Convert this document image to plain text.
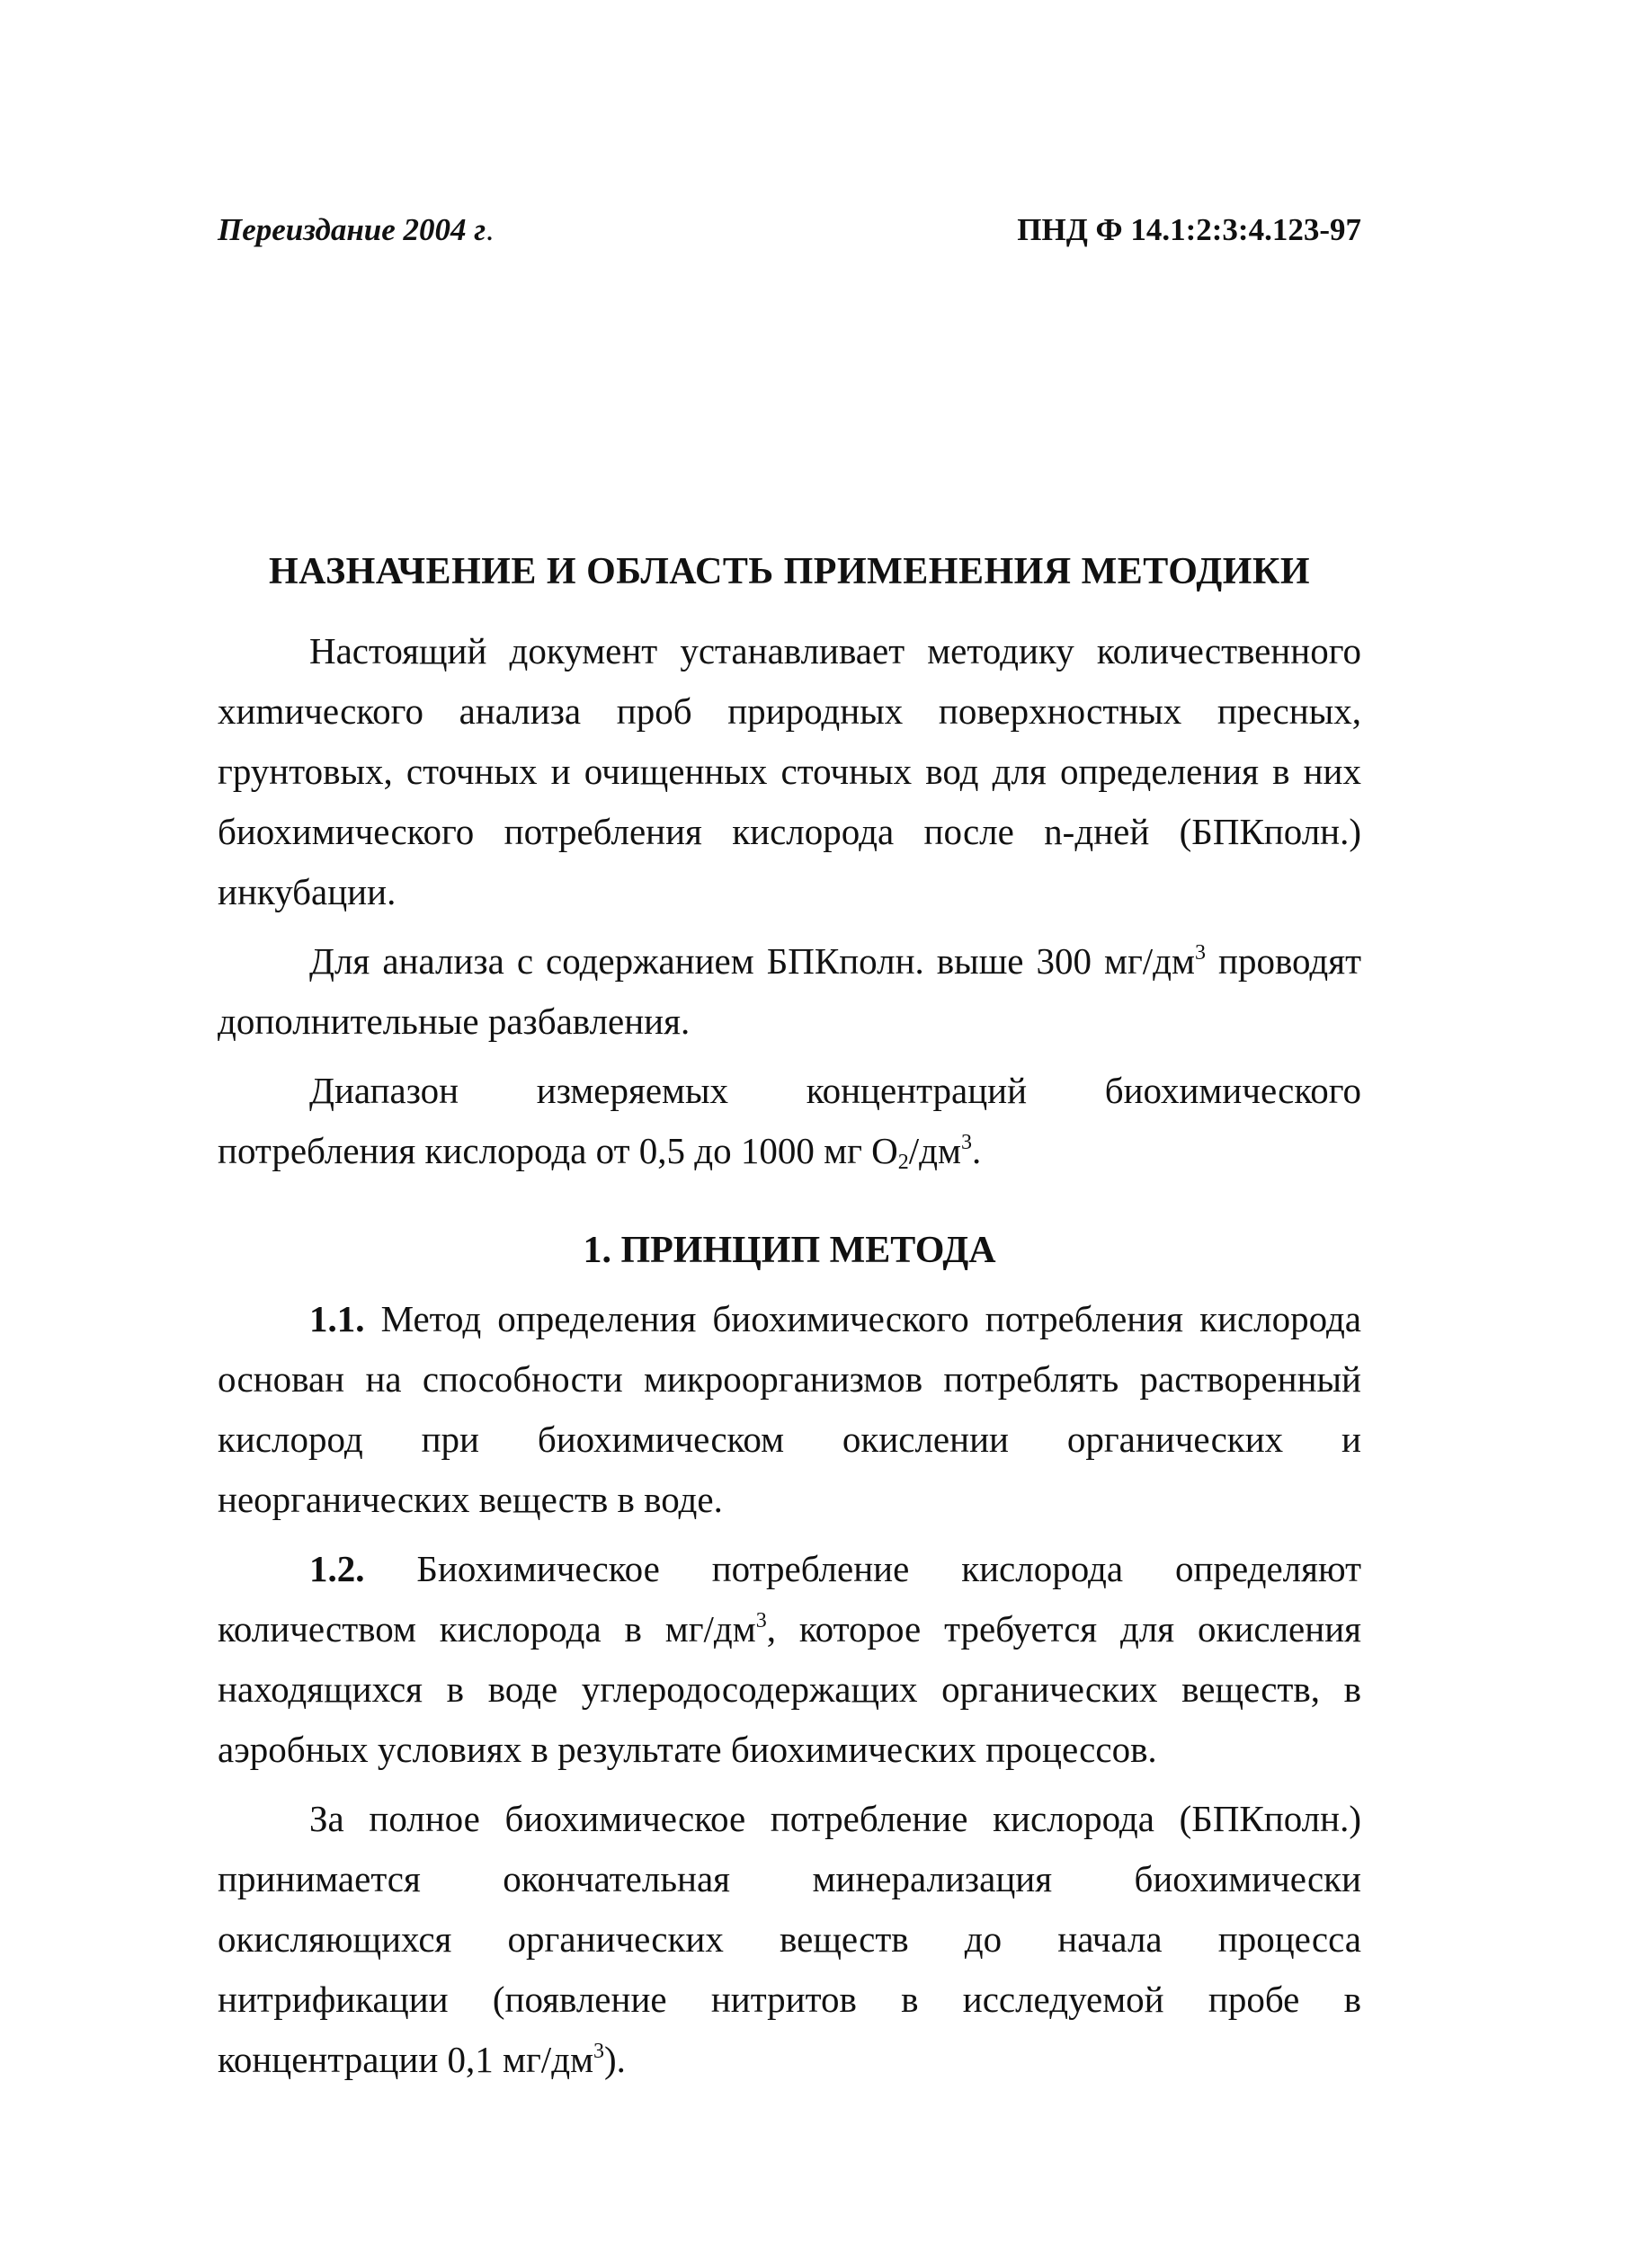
Переиздание 2004 г.	ПНД Ф 14.1:2:3:4.123-97
НАЗНАЧЕНИЕ И ОБЛАСТЬ ПРИМЕНЕНИЯ МЕТОДИКИ

Настоящий документ устанавливает методику количественного хиmического анализа проб природных поверхностных пресных, грунтовых, сточных и очищенных сточных вод для определения в них биохимического потребления кислорода после n-дней (БПКполн.) инкубации.

Для анализа с содержанием БПКполн. выше 300 $мг/дм^3$ проводят дополнительные разбавления.

Диапазон измеряемых концентраций биохимического потребления кислорода от 0,5 до 1000 мг $О_2/дм^3$.

1. ПРИНЦИП МЕТОДА

1.1. Метод определения биохимического потребления кислорода основан на способности микроорганизмов потреблять растворенный кислород при биохимическом окислении органических и неорганических веществ в воде.

1.2. Биохимическое потребление кислорода определяют количеством кислорода в $мг/дм^3$, которое требуется для окисления находящихся в воде углеродосодержащих органических веществ, в аэробных условиях в результате биохимических процессов.

За полное биохимическое потребление кислорода (БПКполн.) принимается окончательная минерализация биохимически окисляющихся органических веществ до начала процесса нитрификации (появление нитритов в исследуемой пробе в концентрации 0,1 $мг/дм^3$).
